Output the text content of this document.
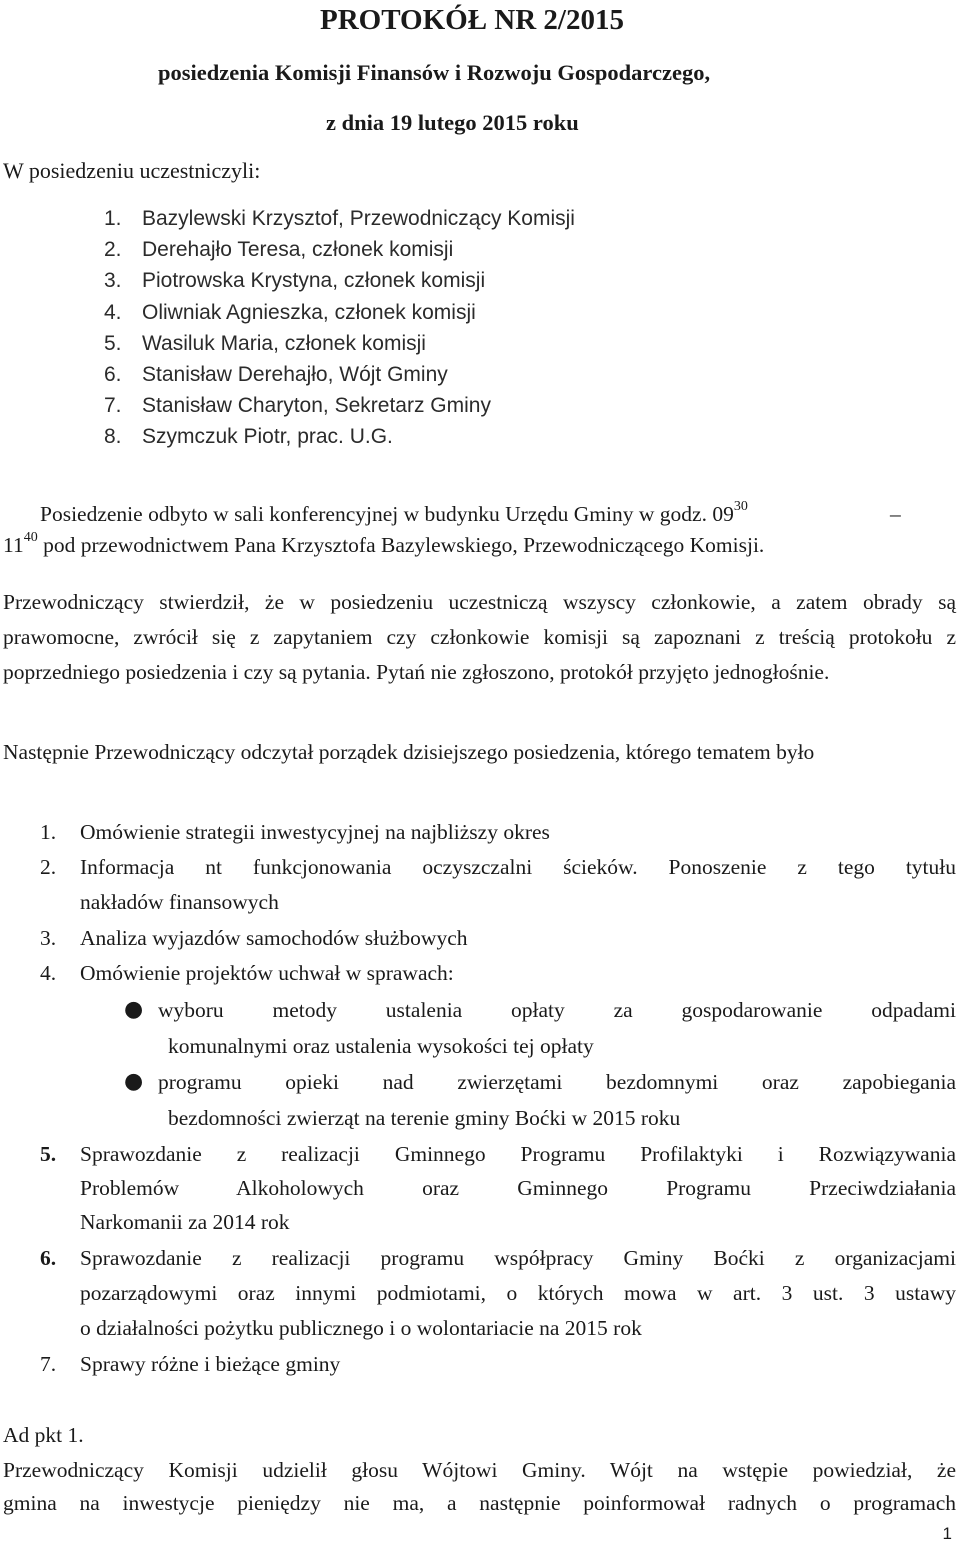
PROTOKÓŁ NR 2/2015
posiedzenia Komisji Finansów i Rozwoju Gospodarczego,
z dnia 19 lutego 2015 roku
W posiedzeniu uczestniczyli:
1. Bazylewski Krzysztof, Przewodniczący Komisji
2. Derehajło Teresa, członek komisji
3. Piotrowska Krystyna, członek komisji
4. Oliwniak Agnieszka, członek komisji
5. Wasiluk Maria, członek komisji
6. Stanisław Derehajło, Wójt Gminy
7. Stanisław Charyton, Sekretarz Gminy
8. Szymczuk Piotr, prac. U.G.
Posiedzenie odbyto w sali konferencyjnej w budynku Urzędu Gminy w godz. $09^{30}$	–
$11^{40}$ pod przewodnictwem Pana Krzysztofa Bazylewskiego, Przewodniczącego Komisji.
Przewodniczący stwierdził, że w posiedzeniu uczestniczą wszyscy członkowie, a zatem obrady są prawomocne, zwrócił się z zapytaniem czy członkowie komisji są zapoznani z treścią protokołu z poprzedniego posiedzenia i czy są pytania. Pytań nie zgłoszono, protokół przyjęto jednogłośnie.
Następnie Przewodniczący odczytał porządek dzisiejszego posiedzenia, którego tematem było
1.	Omówienie strategii inwestycyjnej na najbliższy okres
2.	Informacja nt funkcjonowania oczyszczalni ścieków. Ponoszenie z tego tytułu
nakładów finansowych
3.	Analiza wyjazdów samochodów służbowych
4.	Omówienie projektów uchwał w sprawach:
● wyboru metody ustalenia opłaty za gospodarowanie odpadami
komunalnymi oraz ustalenia wysokości tej opłaty
● programu opieki nad zwierzętami bezdomnymi oraz zapobiegania
bezdomności zwierząt na terenie gminy Boćki w 2015 roku
5.	Sprawozdanie z realizacji Gminnego Programu Profilaktyki i Rozwiązywania
Problemów Alkoholowych oraz Gminnego Programu Przeciwdziałania
Narkomanii za 2014 rok
6.	Sprawozdanie z realizacji programu współpracy Gminy Boćki z organizacjami
pozarządowymi oraz innymi podmiotami, o których mowa w art. 3 ust. 3 ustawy
o działalności pożytku publicznego i o wolontariacie na 2015 rok
7.	Sprawy różne i bieżące gminy
Ad pkt 1.
Przewodniczący Komisji udzielił głosu Wójtowi Gminy. Wójt na wstępie powiedział, że
gmina na inwestycje pieniędzy nie ma, a następnie poinformował radnych o programach
1
